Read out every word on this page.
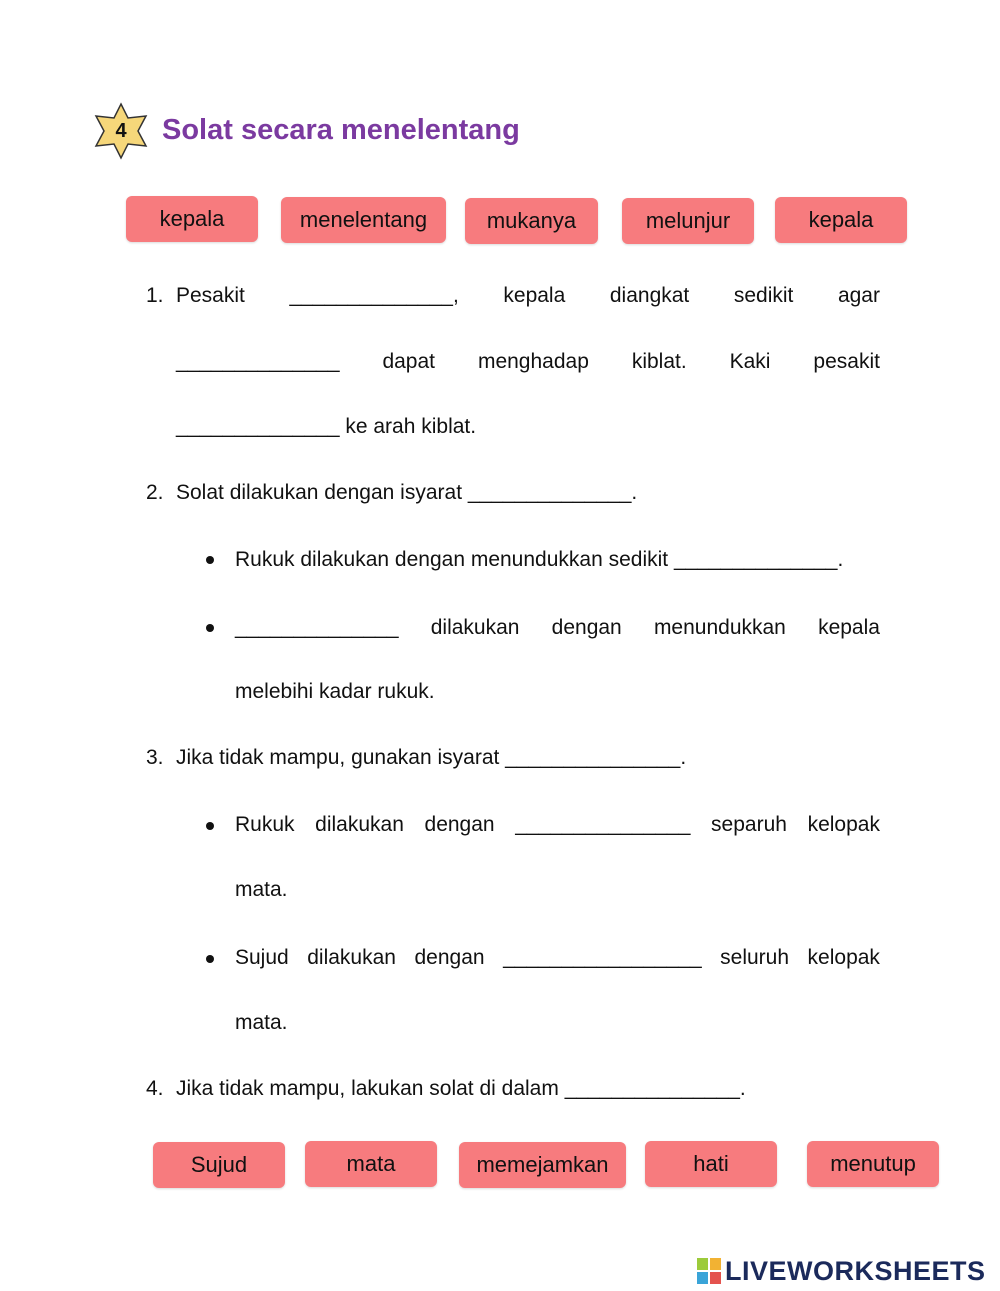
4	Solat secara menelentang
kepala	menelentang	mukanya	melunjur	kepala
1. Pesakit ______________, kepala diangkat sedikit agar
______________ dapat menghadap kiblat. Kaki pesakit
______________ ke arah kiblat.
2. Solat dilakukan dengan isyarat ______________.
Rukuk dilakukan dengan menundukkan sedikit ______________.
______________ dilakukan dengan menundukkan kepala
melebihi kadar rukuk.
3. Jika tidak mampu, gunakan isyarat _______________.
Rukuk dilakukan dengan _______________ separuh kelopak
mata.
Sujud dilakukan dengan _________________ seluruh kelopak
mata.
4. Jika tidak mampu, lakukan solat di dalam _______________.
Sujud	mata	memejamkan	hati	menutup
LIVEWORKSHEETS
